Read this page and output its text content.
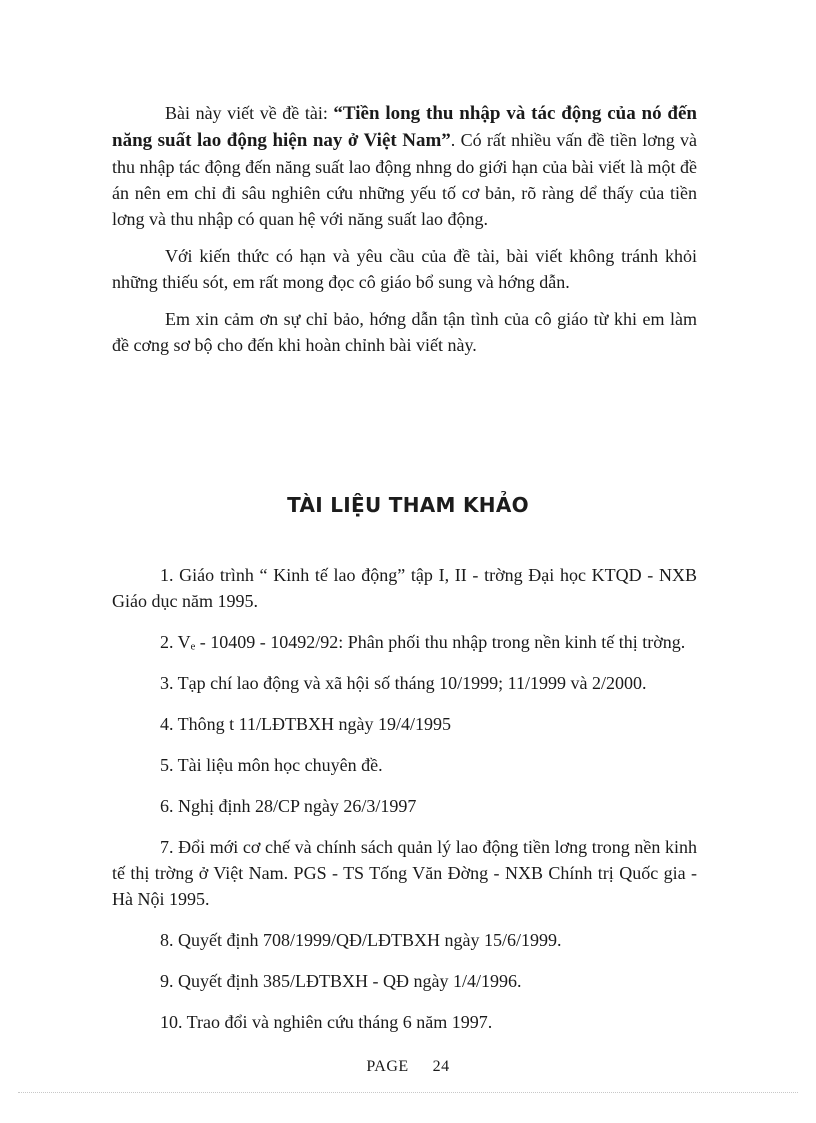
Bài này viết về đề tài: “Tiền long thu nhập và tác động của nó đến năng suất lao động hiện nay ở Việt Nam”. Có rất nhiều vấn đề tiền lơng và thu nhập tác động đến năng suất lao động nhng do giới hạn của bài viết là một đề án nên em chỉ đi sâu nghiên cứu những yếu tố cơ bản, rõ ràng dể thấy của tiền lơng và thu nhập có quan hệ với năng suất lao động.

Với kiến thức có hạn và yêu cầu của đề tài, bài viết không tránh khỏi những thiếu sót, em rất mong đọc cô giáo bổ sung và hớng dẫn.

Em xin cảm ơn sự chỉ bảo, hớng dẫn tận tình của cô giáo từ khi em làm đề cơng sơ bộ cho đến khi hoàn chỉnh bài viết này.

TÀI LIỆU THAM KHẢO

1. Giáo trình “ Kinh tế lao động” tập I, II - trờng Đại học KTQD - NXB Giáo dục năm 1995.

2. Vₑ - 10409 - 10492/92: Phân phối thu nhập trong nền kinh tế thị trờng.

3. Tạp chí lao động và xã hội số tháng 10/1999; 11/1999 và 2/2000.

4. Thông t 11/LĐTBXH ngày 19/4/1995

5. Tài liệu môn học chuyên đề.

6. Nghị định 28/CP ngày 26/3/1997

7. Đổi mới cơ chế và chính sách quản lý lao động tiền lơng trong nền kinh tế thị trờng ở Việt Nam. PGS - TS Tống Văn Đờng - NXB Chính trị Quốc gia - Hà Nội 1995.

8. Quyết định 708/1999/QĐ/LĐTBXH ngày 15/6/1999.

9. Quyết định 385/LĐTBXH - QĐ ngày 1/4/1996.

10. Trao đổi và nghiên cứu tháng 6 năm 1997.

PAGE 24
